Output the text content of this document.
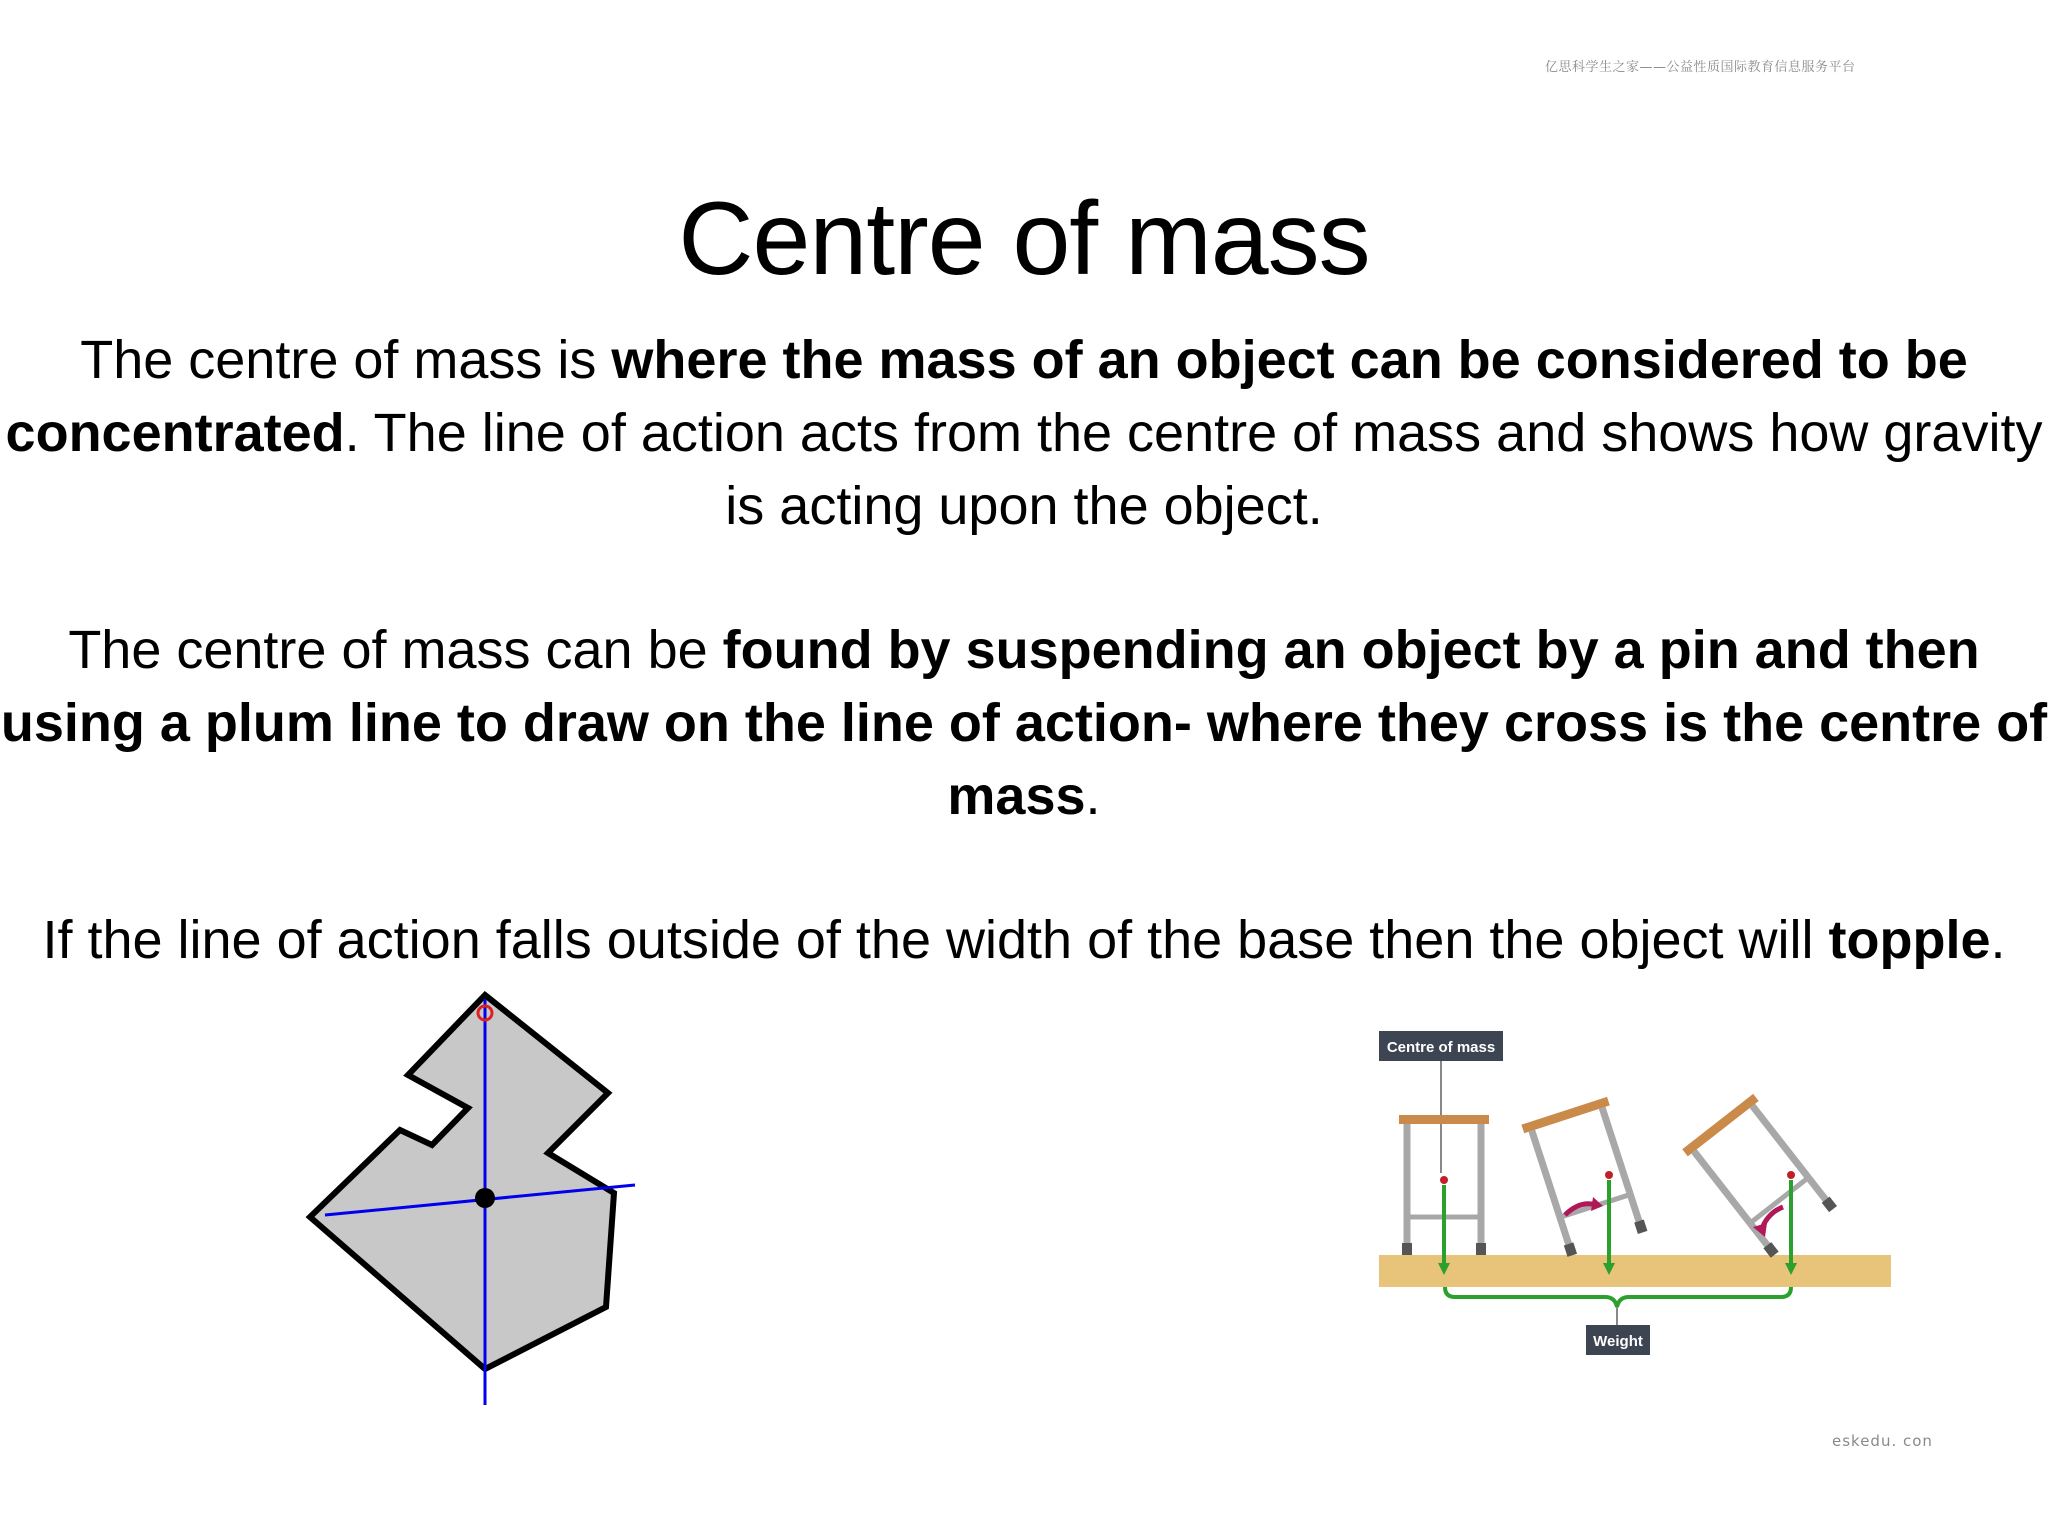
亿思科学生之家——公益性质国际教育信息服务平台
Centre of mass
The centre of mass is where the mass of an object can be considered to be concentrated. The line of action acts from the centre of mass and shows how gravity is acting upon the object.
The centre of mass can be found by suspending an object by a pin and then using a plum line to draw on the line of action- where they cross is the centre of mass.
If the line of action falls outside of the width of the base then the object will topple.
Centre of mass
Weight
eskedu. con
